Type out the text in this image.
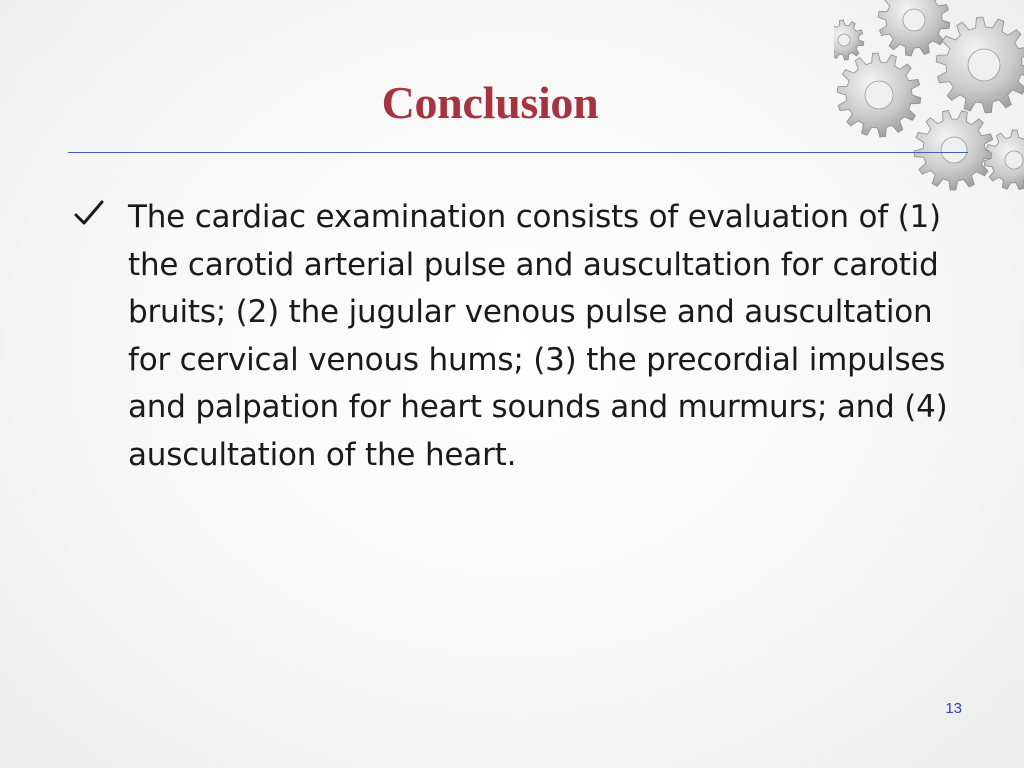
Conclusion
The cardiac examination consists of evaluation of (1) the carotid arterial pulse and auscultation for carotid bruits; (2) the jugular venous pulse and auscultation for cervical venous hums; (3) the precordial impulses and palpation for heart sounds and murmurs; and (4) auscultation of the heart.
13
